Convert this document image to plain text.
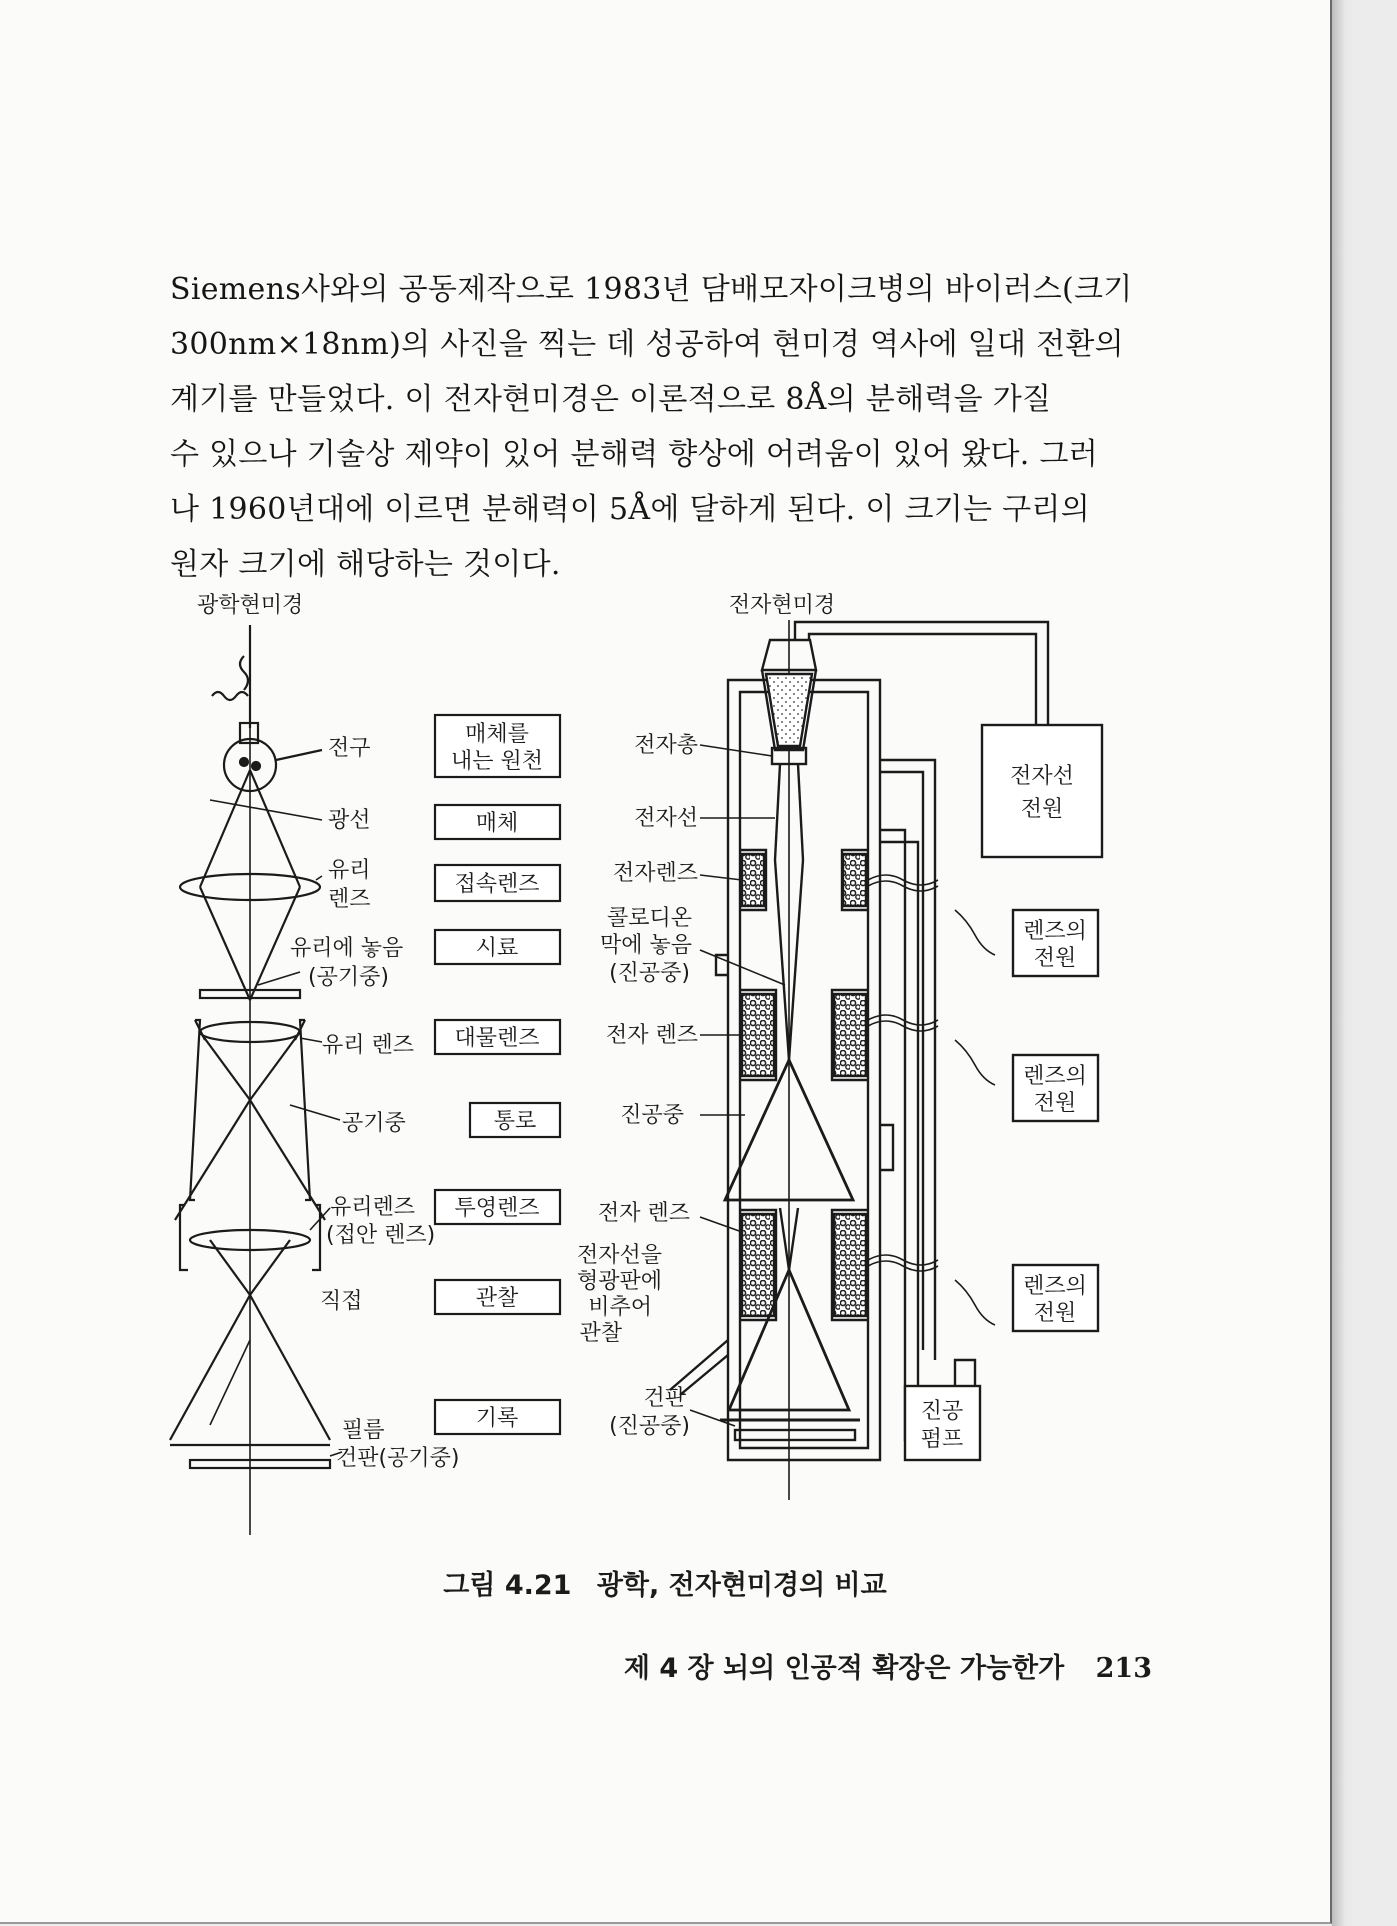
Siemens사와의 공동제작으로 1983년 담배모자이크병의 바이러스(크기
300nm×18nm)의 사진을 찍는 데 성공하여 현미경 역사에 일대 전환의
계기를 만들었다. 이 전자현미경은 이론적으로 8Å의 분해력을 가질
수 있으나 기술상 제약이 있어 분해력 향상에 어려움이 있어 왔다. 그러
나 1960년대에 이르면 분해력이 5Å에 달하게 된다. 이 크기는 구리의
원자 크기에 해당하는 것이다.
광학현미경
전구
광선
유리
렌즈
유리에 놓음
(공기중)
유리 렌즈
공기중
유리렌즈
(접안 렌즈)
직접
필름
건판(공기중)
매체를
내는 원천
매체
접속렌즈
시료
대물렌즈
통로
투영렌즈
관찰
기록
전자선
전원
렌즈의
전원
렌즈의
전원
렌즈의
전원
진공
펌프
전자현미경
전자총
전자선
전자렌즈
콜로디온
막에 놓음
(진공중)
전자 렌즈
진공중
전자 렌즈
전자선을
형광판에
비추어
관찰
건판
(진공중)
그림 4.21 광학, 전자현미경의 비교
제 4 장 뇌의 인공적 확장은 가능한가 213
